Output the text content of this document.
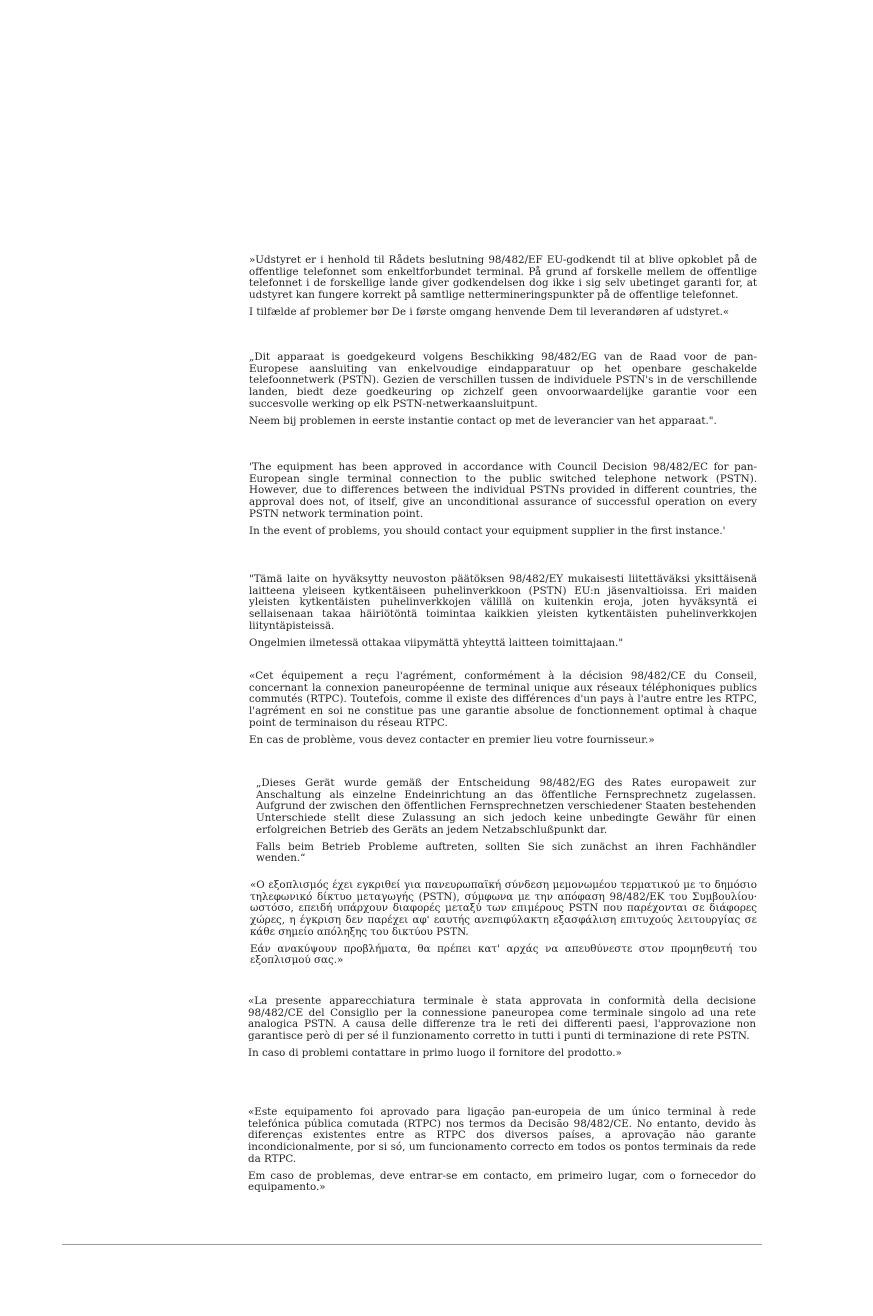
»Udstyret er i henhold til Rådets beslutning 98/482/EF EU-godkendt til at blive opkoblet på de offentlige telefonnet som enkeltforbundet terminal. På grund af forskelle mellem de offentlige telefonnet i de forskellige lande giver godkendelsen dog ikke i sig selv ubetinget garanti for, at udstyret kan fungere korrekt på samtlige nettermineringspunkter på de offentlige telefonnet.

I tilfælde af problemer bør De i første omgang henvende Dem til leverandøren af udstyret.«

„Dit apparaat is goedgekeurd volgens Beschikking 98/482/EG van de Raad voor de pan-Europese aansluiting van enkelvoudige eindapparatuur op het openbare geschakelde telefoonnetwerk (PSTN). Gezien de verschillen tussen de individuele PSTN's in de verschillende landen, biedt deze goedkeuring op zichzelf geen onvoorwaardelijke garantie voor een succesvolle werking op elk PSTN-netwerkaansluitpunt.

Neem bij problemen in eerste instantie contact op met de leverancier van het apparaat.".

'The equipment has been approved in accordance with Council Decision 98/482/EC for pan-European single terminal connection to the public switched telephone network (PSTN). However, due to differences between the individual PSTNs provided in different countries, the approval does not, of itself, give an unconditional assurance of successful operation on every PSTN network termination point.

In the event of problems, you should contact your equipment supplier in the first instance.'

"Tämä laite on hyväksytty neuvoston päätöksen 98/482/EY mukaisesti liitettäväksi yksittäisenä laitteena yleiseen kytkentäiseen puhelinverkkoon (PSTN) EU:n jäsenvaltioissa. Eri maiden yleisten kytkentäisten puhelinverkkojen välillä on kuitenkin eroja, joten hyväksyntä ei sellaisenaan takaa häiriötöntä toimintaa kaikkien yleisten kytkentäisten puhelinverkkojen liityntäpisteissä.

Ongelmien ilmetessä ottakaa viipymättä yhteyttä laitteen toimittajaan."

«Cet équipement a reçu l'agrément, conformément à la décision 98/482/CE du Conseil, concernant la connexion paneuropéenne de terminal unique aux réseaux téléphoniques publics commutés (RTPC). Toutefois, comme il existe des différences d'un pays à l'autre entre les RTPC, l'agrément en soi ne constitue pas une garantie absolue de fonctionnement optimal à chaque point de terminaison du réseau RTPC.

En cas de problème, vous devez contacter en premier lieu votre fournisseur.»

„Dieses Gerät wurde gemäß der Entscheidung 98/482/EG des Rates europaweit zur Anschaltung als einzelne Endeinrichtung an das öffentliche Fernsprechnetz zugelassen. Aufgrund der zwischen den öffentlichen Fernsprechnetzen verschiedener Staaten bestehenden Unterschiede stellt diese Zulassung an sich jedoch keine unbedingte Gewähr für einen erfolgreichen Betrieb des Geräts an jedem Netzabschlußpunkt dar.

Falls beim Betrieb Probleme auftreten, sollten Sie sich zunächst an ihren Fachhändler wenden.“

«Ο εξοπλισμός έχει εγκριθεί για πανευρωπαϊκή σύνδεση μεμονωμέου τερματικού με το δημόσιο τηλεφωνικό δίκτυο μεταγωγής (PSTN), σύμφωνα με την απόφαση 98/482/ΕΚ του Συμβουλίου· ωστόσο, επειδή υπάρχουν διαφορές μεταξύ των επιμέρους PSTN που παρέχονται σε διάφορες χώρες, η έγκριση δεν παρέχει αφ' εαυτής ανεπιφύλακτη εξασφάλιση επιτυχούς λειτουργίας σε κάθε σημείο απόληξης του δικτύου PSTN.

Εάν ανακύψουν προβλήματα, θα πρέπει κατ' αρχάς να απευθύνεστε στον προμηθευτή του εξοπλισμού σας.»

«La presente apparecchiatura terminale è stata approvata in conformità della decisione 98/482/CE del Consiglio per la connessione paneuropea come terminale singolo ad una rete analogica PSTN. A causa delle differenze tra le reti dei differenti paesi, l'approvazione non garantisce però di per sé il funzionamento corretto in tutti i punti di terminazione di rete PSTN.

In caso di problemi contattare in primo luogo il fornitore del prodotto.»

«Este equipamento foi aprovado para ligação pan-europeia de um único terminal à rede telefónica pública comutada (RTPC) nos termos da Decisão 98/482/CE. No entanto, devido às diferenças existentes entre as RTPC dos diversos países, a aprovação não garante incondicionalmente, por si só, um funcionamento correcto em todos os pontos terminais da rede da RTPC.

Em caso de problemas, deve entrar-se em contacto, em primeiro lugar, com o fornecedor do equipamento.»
